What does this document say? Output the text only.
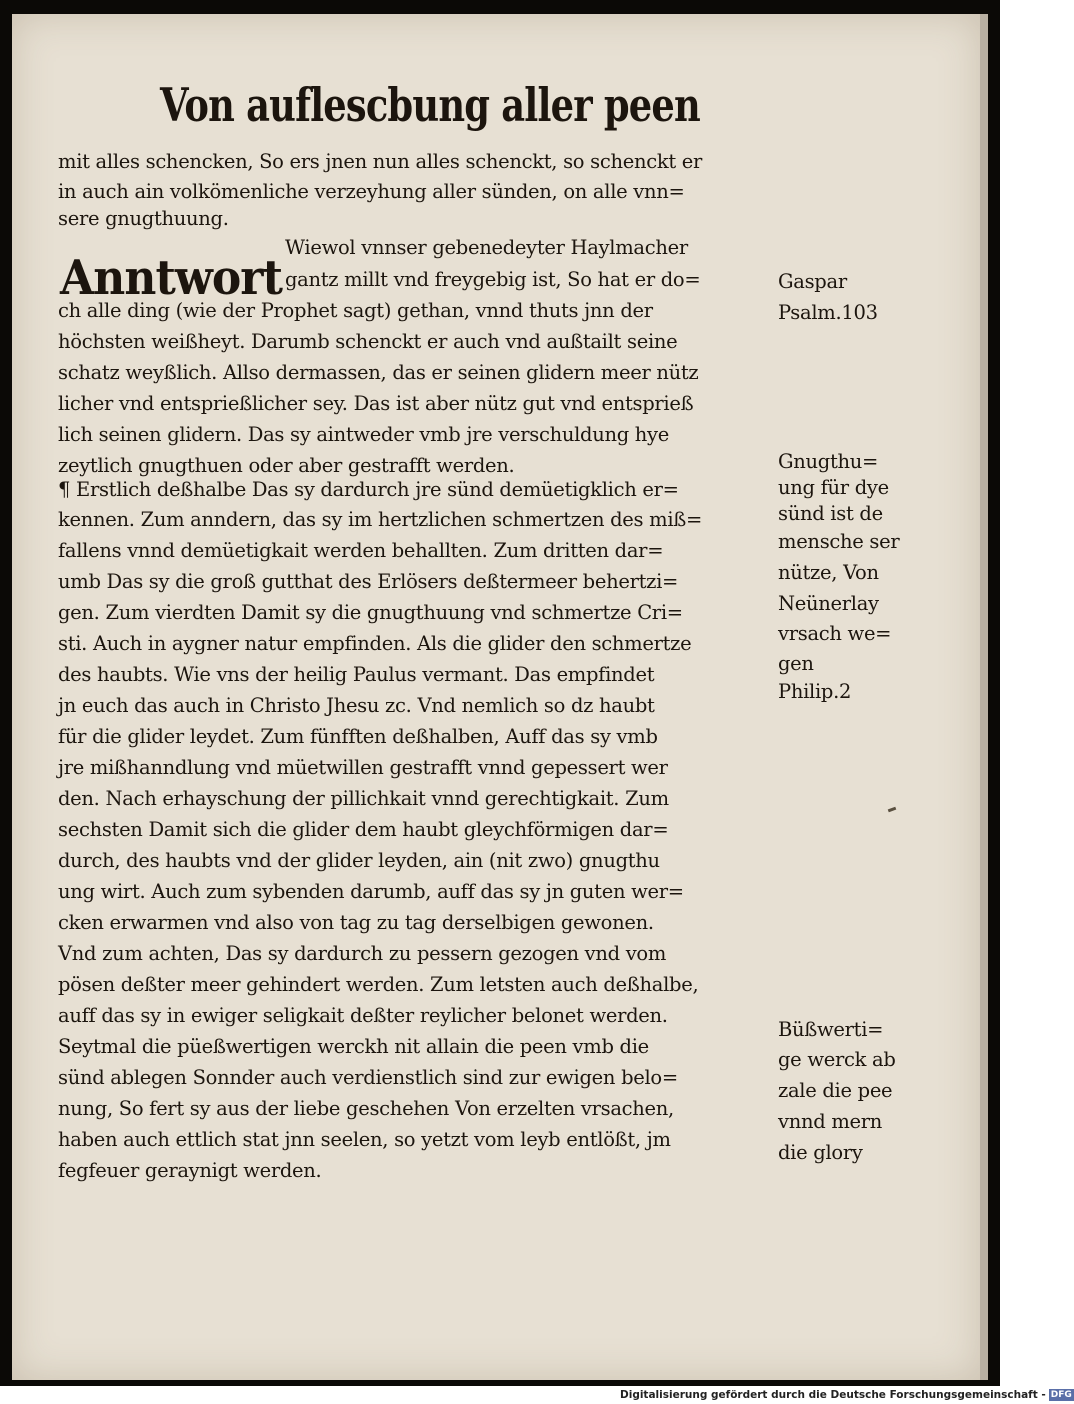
Von auflescbung aller peen
Anntwort
mit alles schencken, So ers jnen nun alles schenckt, so schenckt er
in auch ain volkömenliche verzeyhung aller sünden, on alle vnn=
sere gnugthuung.
Wiewol vnnser gebenedeyter Haylmacher
gantz millt vnd freygebig ist, So hat er do=
ch alle ding (wie der Prophet sagt) gethan, vnnd thuts jnn der
höchsten weißheyt. Darumb schenckt er auch vnd außtailt seine
schatz weyßlich. Allso dermassen, das er seinen glidern meer nütz
licher vnd entsprießlicher sey. Das ist aber nütz gut vnd entsprieß
lich seinen glidern. Das sy aintweder vmb jre verschuldung hye
zeytlich gnugthuen oder aber gestrafft werden.
¶ Erstlich deßhalbe Das sy dardurch jre sünd demüetigklich er=
kennen. Zum anndern, das sy im hertzlichen schmertzen des miß=
fallens vnnd demüetigkait werden behallten. Zum dritten dar=
umb Das sy die groß gutthat des Erlösers deßtermeer behertzi=
gen. Zum vierdten Damit sy die gnugthuung vnd schmertze Cri=
sti. Auch in aygner natur empfinden. Als die glider den schmertze
des haubts. Wie vns der heilig Paulus vermant. Das empfindet
jn euch das auch in Christo Jhesu zc. Vnd nemlich so dz haubt
für die glider leydet. Zum fünfften deßhalben, Auff das sy vmb
jre mißhanndlung vnd müetwillen gestrafft vnnd gepessert wer
den. Nach erhayschung der pillichkait vnnd gerechtigkait. Zum
sechsten Damit sich die glider dem haubt gleychförmigen dar=
durch, des haubts vnd der glider leyden, ain (nit zwo) gnugthu
ung wirt. Auch zum sybenden darumb, auff das sy jn guten wer=
cken erwarmen vnd also von tag zu tag derselbigen gewonen.
Vnd zum achten, Das sy dardurch zu pessern gezogen vnd vom
pösen deßter meer gehindert werden. Zum letsten auch deßhalbe,
auff das sy in ewiger seligkait deßter reylicher belonet werden.
Seytmal die püeßwertigen werckh nit allain die peen vmb die
sünd ablegen Sonnder auch verdienstlich sind zur ewigen belo=
nung, So fert sy aus der liebe geschehen Von erzelten vrsachen,
haben auch ettlich stat jnn seelen, so yetzt vom leyb entlößt, jm
fegfeuer geraynigt werden.
Gaspar
Psalm.103
Gnugthu=
ung für dye
sünd ist de
mensche ser
nütze, Von
Neünerlay
vrsach we=
gen
Philip.2
Büßwerti=
ge werck ab
zale die pee
vnnd mern
die glory
Digitalisierung gefördert durch die Deutsche Forschungsgemeinschaft - DFG
